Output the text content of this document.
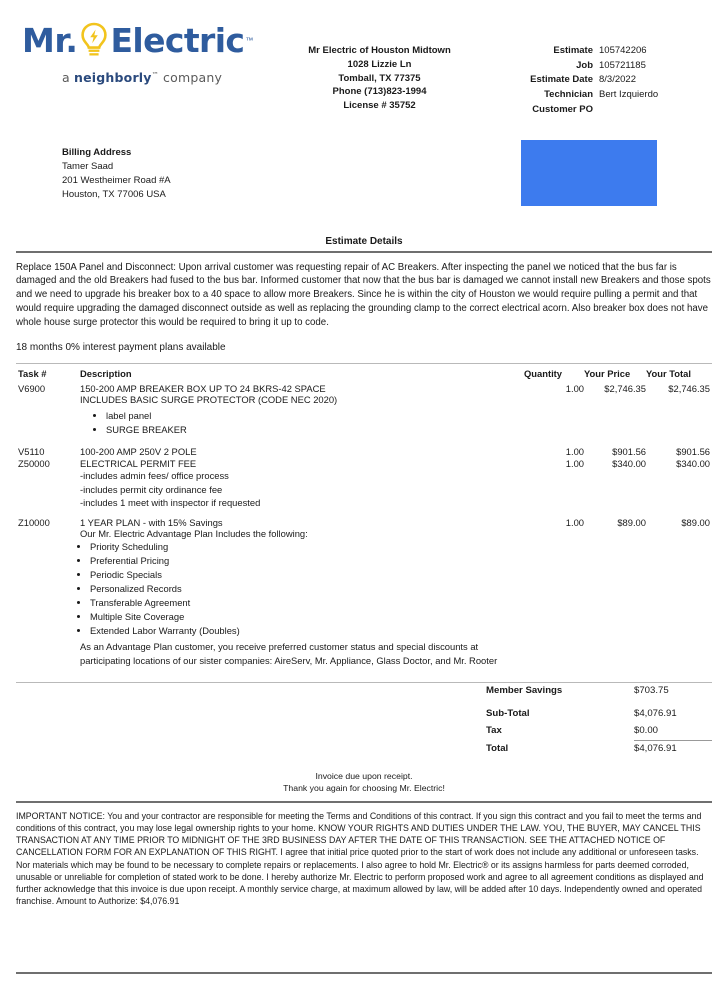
Mr. Electric ™
a neighborly™ company
Mr Electric of Houston Midtown
1028 Lizzie Ln
Tomball, TX 77375
Phone (713)823-1994
License # 35752
Estimate 105742206
Job 105721185
Estimate Date 8/3/2022
Technician Bert Izquierdo
Customer PO
Billing Address
Tamer Saad
201 Westheimer Road #A
Houston, TX 77006 USA
Estimate Details
Replace 150A Panel and Disconnect: Upon arrival customer was requesting repair of AC Breakers. After inspecting the panel we noticed that the bus far is damaged and the old Breakers had fused to the bus bar. Informed customer that now that the bus bar is damaged we cannot install new Breakers and those spots and we need to upgrade his breaker box to a 40 space to allow more Breakers. Since he is within the city of Houston we would require pulling a permit and that would require upgrading the damaged disconnect outside as well as replacing the grounding clamp to the correct electrical acorn. Also breaker box does not have whole house surge protector this would be required to bring it up to code.
18 months 0% interest payment plans available
Task #	Description	Quantity	Your Price	Your Total
V6900	150-200 AMP BREAKER BOX UP TO 24 BKRS-42 SPACE
INCLUDES BASIC SURGE PROTECTOR (CODE NEC 2020)
• label panel
• SURGE BREAKER
	1.00	$2,746.35	$2,746.35
V5110	100-200 AMP 250V 2 POLE	1.00	$901.56	$901.56
Z50000	ELECTRICAL PERMIT FEE
-includes admin fees/ office process
-includes permit city ordinance fee
-includes 1 meet with inspector if requested	1.00	$340.00	$340.00
Z10000	1 YEAR PLAN - with 15% Savings
Our Mr. Electric Advantage Plan Includes the following:
• Priority Scheduling
• Preferential Pricing
• Periodic Specials
• Personalized Records
• Transferable Agreement
• Multiple Site Coverage
• Extended Labor Warranty (Doubles)
As an Advantage Plan customer, you receive preferred customer status and special discounts at participating locations of our sister companies: AireServ, Mr. Appliance, Glass Doctor, and Mr. Rooter
	1.00	$89.00	$89.00
Member Savings	$703.75
Sub-Total	$4,076.91
Tax	$0.00
Total	$4,076.91
Invoice due upon receipt.
Thank you again for choosing Mr. Electric!
IMPORTANT NOTICE: You and your contractor are responsible for meeting the Terms and Conditions of this contract. If you sign this contract and you fail to meet the terms and conditions of this contract, you may lose legal ownership rights to your home. KNOW YOUR RIGHTS AND DUTIES UNDER THE LAW. YOU, THE BUYER, MAY CANCEL THIS TRANSACTION AT ANY TIME PRIOR TO MIDNIGHT OF THE 3RD BUSINESS DAY AFTER THE DATE OF THIS TRANSACTION. SEE THE ATTACHED NOTICE OF CANCELLATION FORM FOR AN EXPLANATION OF THIS RIGHT. I agree that initial price quoted prior to the start of work does not include any additional or unforeseen tasks. Nor materials which may be found to be necessary to complete repairs or replacements. I also agree to hold Mr. Electric® or its assigns harmless for parts deemed corroded, unusable or unreliable for completion of stated work to be done. I hereby authorize Mr. Electric to perform proposed work and agree to all agreement conditions as displayed and further acknowledge that this invoice is due upon receipt. A monthly service charge, at maximum allowed by law, will be added after 10 days. Independently owned and operated franchise. Amount to Authorize: $4,076.91
